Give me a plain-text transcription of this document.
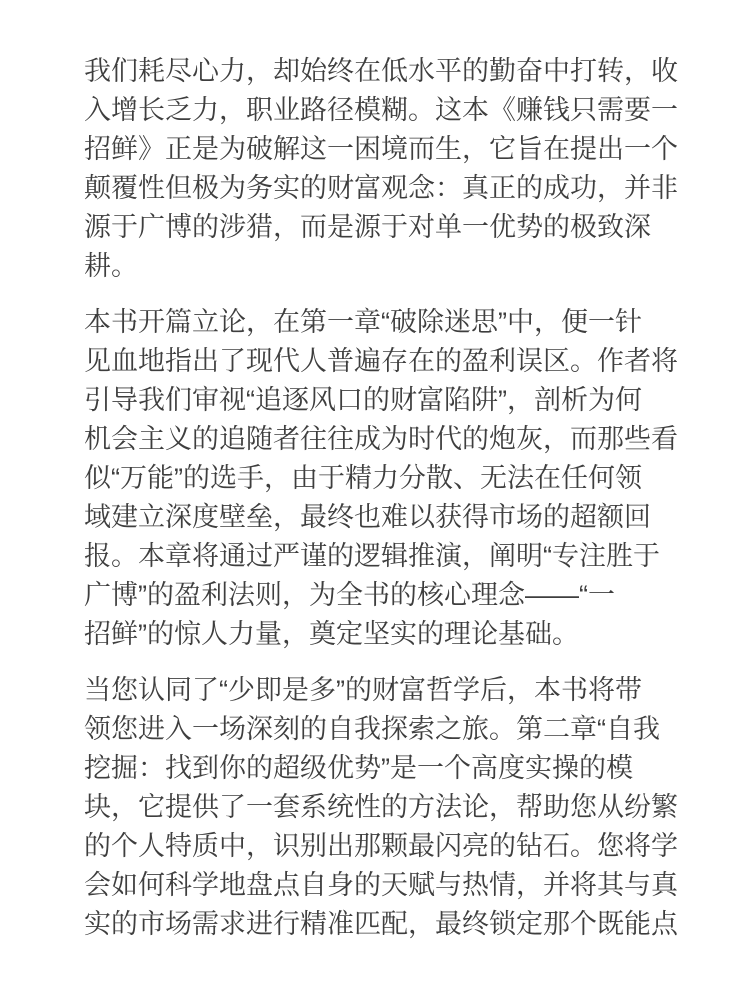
我们耗尽心力，却始终在低水平的勤奋中打转，收
入增长乏力，职业路径模糊。这本《赚钱只需要一
招鲜》正是为破解这一困境而生，它旨在提出一个
颠覆性但极为务实的财富观念：真正的成功，并非
源于广博的涉猎，而是源于对单一优势的极致深
耕。

本书开篇立论，在第一章“破除迷思”中，便一针
见血地指出了现代人普遍存在的盈利误区。作者将
引导我们审视“追逐风口的财富陷阱”，剖析为何
机会主义的追随者往往成为时代的炮灰，而那些看
似“万能”的选手，由于精力分散、无法在任何领
域建立深度壁垒，最终也难以获得市场的超额回
报。本章将通过严谨的逻辑推演，阐明“专注胜于
广博”的盈利法则，为全书的核心理念——“一
招鲜”的惊人力量，奠定坚实的理论基础。

当您认同了“少即是多”的财富哲学后，本书将带
领您进入一场深刻的自我探索之旅。第二章“自我
挖掘：找到你的超级优势”是一个高度实操的模
块，它提供了一套系统性的方法论，帮助您从纷繁
的个人特质中，识别出那颗最闪亮的钻石。您将学
会如何科学地盘点自身的天赋与热情，并将其与真
实的市场需求进行精准匹配，最终锁定那个既能点
